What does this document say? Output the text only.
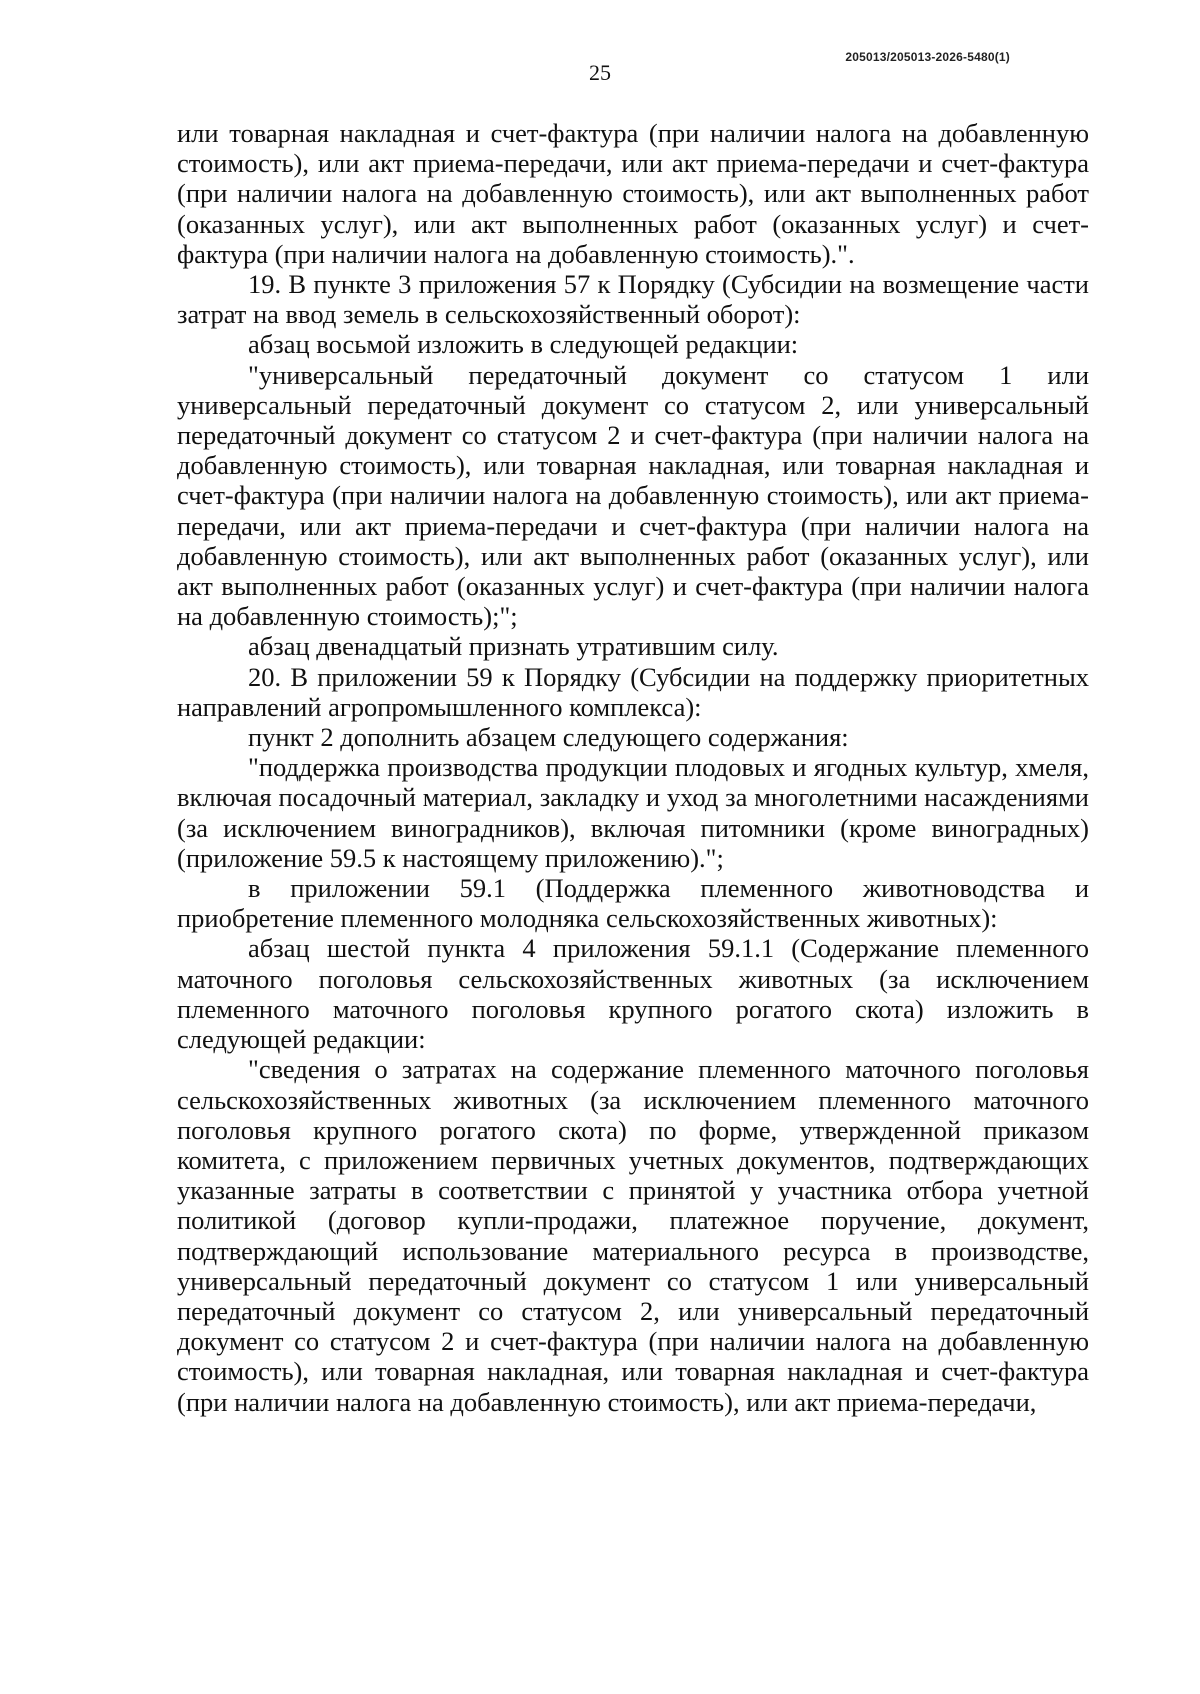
205013/205013-2026-5480(1)
25

или товарная накладная и счет-фактура (при наличии налога на добавленную стоимость), или акт приема-передачи, или акт приема-передачи и счет-фактура (при наличии налога на добавленную стоимость), или акт выполненных работ (оказанных услуг), или акт выполненных работ (оказанных услуг) и счет-фактура (при наличии налога на добавленную стоимость).".

19. В пункте 3 приложения 57 к Порядку (Субсидии на возмещение части затрат на ввод земель в сельскохозяйственный оборот):

абзац восьмой изложить в следующей редакции:

"универсальный передаточный документ со статусом 1 или универсальный передаточный документ со статусом 2, или универсальный передаточный документ со статусом 2 и счет-фактура (при наличии налога на добавленную стоимость), или товарная накладная, или товарная накладная и счет-фактура (при наличии налога на добавленную стоимость), или акт приема-передачи, или акт приема-передачи и счет-фактура (при наличии налога на добавленную стоимость), или акт выполненных работ (оказанных услуг), или акт выполненных работ (оказанных услуг) и счет-фактура (при наличии налога на добавленную стоимость);";

абзац двенадцатый признать утратившим силу.

20. В приложении 59 к Порядку (Субсидии на поддержку приоритетных направлений агропромышленного комплекса):

пункт 2 дополнить абзацем следующего содержания:

"поддержка производства продукции плодовых и ягодных культур, хмеля, включая посадочный материал, закладку и уход за многолетними насаждениями (за исключением виноградников), включая питомники (кроме виноградных) (приложение 59.5 к настоящему приложению).";

в приложении 59.1 (Поддержка племенного животноводства и приобретение племенного молодняка сельскохозяйственных животных):

абзац шестой пункта 4 приложения 59.1.1 (Содержание племенного маточного поголовья сельскохозяйственных животных (за исключением племенного маточного поголовья крупного рогатого скота) изложить в следующей редакции:

"сведения о затратах на содержание племенного маточного поголовья сельскохозяйственных животных (за исключением племенного маточного поголовья крупного рогатого скота) по форме, утвержденной приказом комитета, с приложением первичных учетных документов, подтверждающих указанные затраты в соответствии с принятой у участника отбора учетной политикой (договор купли-продажи, платежное поручение, документ, подтверждающий использование материального ресурса в производстве, универсальный передаточный документ со статусом 1 или универсальный передаточный документ со статусом 2, или универсальный передаточный документ со статусом 2 и счет-фактура (при наличии налога на добавленную стоимость), или товарная накладная, или товарная накладная и счет-фактура (при наличии налога на добавленную стоимость), или акт приема-передачи,
